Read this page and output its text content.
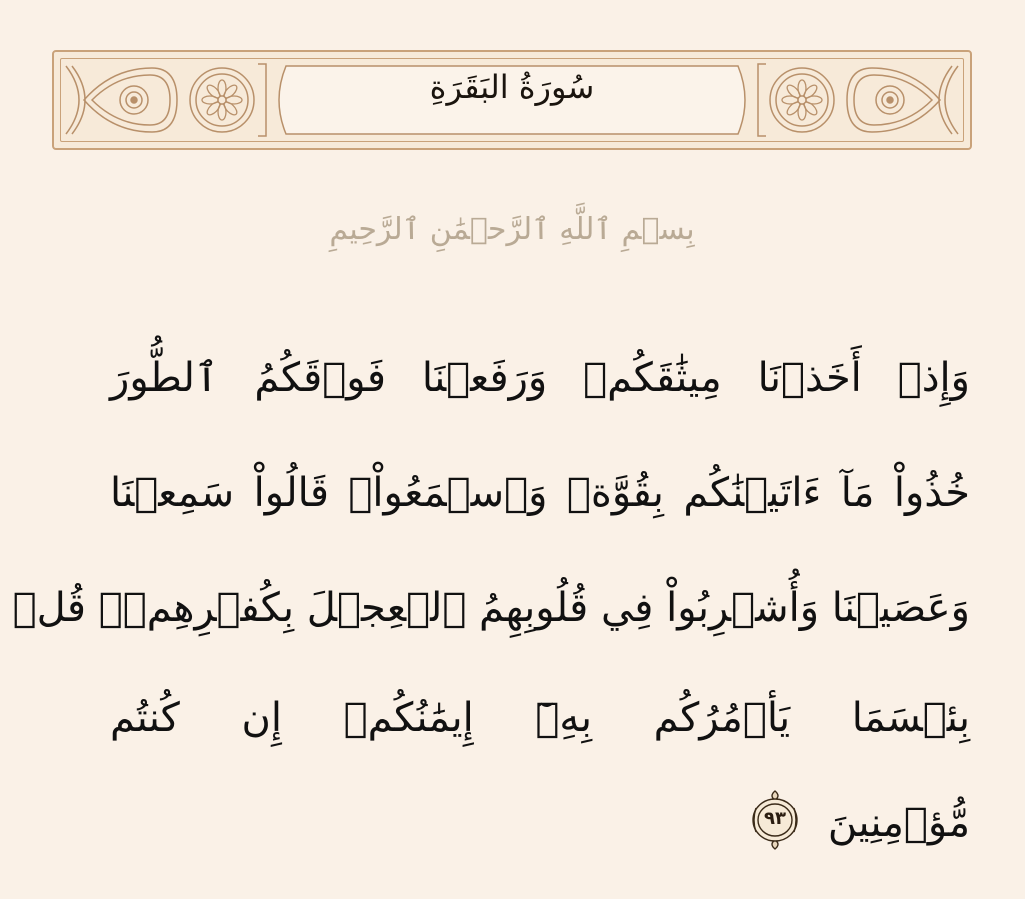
سُورَةُ البَقَرَةِ
بِسۡمِ ٱللَّهِ ٱلرَّحۡمَٰنِ ٱلرَّحِيمِ
وَإِذۡ أَخَذۡنَا مِيثَٰقَكُمۡ وَرَفَعۡنَا فَوۡقَكُمُ ٱلطُّورَ
خُذُواْ مَآ ءَاتَيۡنَٰكُم بِقُوَّةٖ وَٱسۡمَعُواْۖ قَالُواْ سَمِعۡنَا
وَعَصَيۡنَا وَأُشۡرِبُواْ فِي قُلُوبِهِمُ ٱلۡعِجۡلَ بِكُفۡرِهِمۡۚ قُلۡ
بِئۡسَمَا يَأۡمُرُكُم بِهِۦٓ إِيمَٰنُكُمۡ إِن كُنتُم
مُّؤۡمِنِينَ
٩٣
